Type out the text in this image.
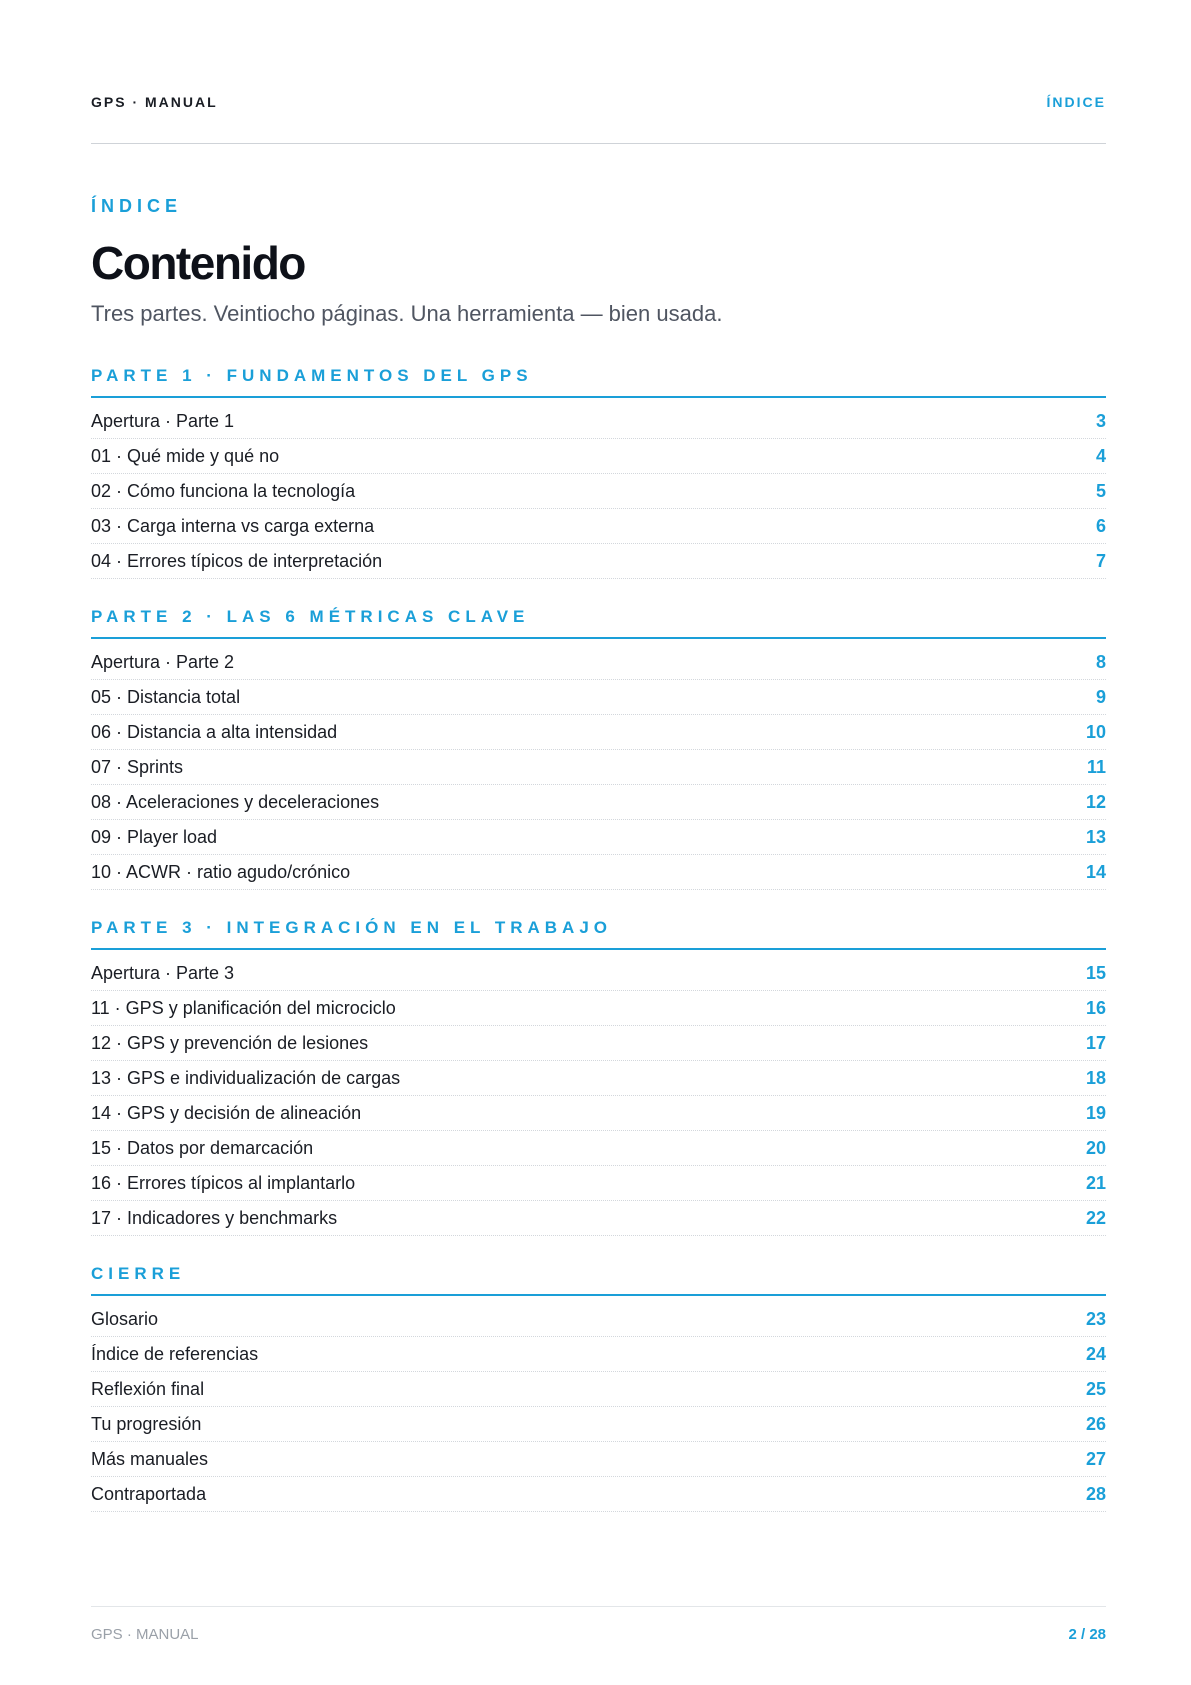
GPS · MANUAL	ÍNDICE
ÍNDICE
Contenido
Tres partes. Veintiocho páginas. Una herramienta — bien usada.
PARTE 1 · FUNDAMENTOS DEL GPS
Apertura · Parte 1	3
01 · Qué mide y qué no	4
02 · Cómo funciona la tecnología	5
03 · Carga interna vs carga externa	6
04 · Errores típicos de interpretación	7
PARTE 2 · LAS 6 MÉTRICAS CLAVE
Apertura · Parte 2	8
05 · Distancia total	9
06 · Distancia a alta intensidad	10
07 · Sprints	11
08 · Aceleraciones y deceleraciones	12
09 · Player load	13
10 · ACWR · ratio agudo/crónico	14
PARTE 3 · INTEGRACIÓN EN EL TRABAJO
Apertura · Parte 3	15
11 · GPS y planificación del microciclo	16
12 · GPS y prevención de lesiones	17
13 · GPS e individualización de cargas	18
14 · GPS y decisión de alineación	19
15 · Datos por demarcación	20
16 · Errores típicos al implantarlo	21
17 · Indicadores y benchmarks	22
CIERRE
Glosario	23
Índice de referencias	24
Reflexión final	25
Tu progresión	26
Más manuales	27
Contraportada	28
GPS · MANUAL	2 / 28
